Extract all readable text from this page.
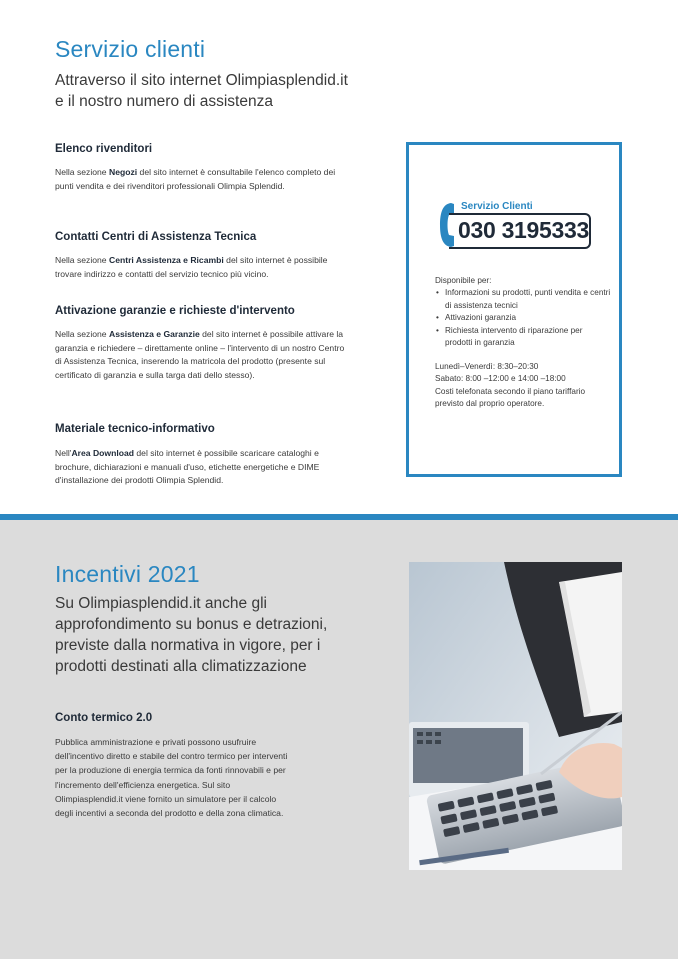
Servizio clienti
Attraverso il sito internet Olimpiasplendid.it
e il nostro numero di assistenza
Elenco rivenditori

Nella sezione Negozi del sito internet è consultabile l'elenco completo dei punti vendita e dei rivenditori professionali Olimpia Splendid.

Contatti Centri di Assistenza Tecnica

Nella sezione Centri Assistenza e Ricambi del sito internet è possibile trovare indirizzo e contatti del servizio tecnico più vicino.

Attivazione garanzie e richieste d'intervento

Nella sezione Assistenza e Garanzie del sito internet è possibile attivare la garanzia e richiedere – direttamente online – l'intervento di un nostro Centro di Assistenza Tecnica, inserendo la matricola del prodotto (presente sul certificato di garanzia e sulla targa dati dello stesso).

Materiale tecnico-informativo

Nell'Area Download del sito internet è possibile scaricare cataloghi e brochure, dichiarazioni e manuali d'uso, etichette energetiche e DIME d'installazione dei prodotti Olimpia Splendid.

Servizio Clienti
030 3195333
Disponibile per:
• Informazioni su prodotti, punti vendita e centri di assistenza tecnici
• Attivazioni garanzia
• Richiesta intervento di riparazione per prodotti in garanzia
Lunedì–Venerdì: 8:30–20:30
Sabato: 8:00 –12:00 e 14:00 –18:00
Costi telefonata secondo il piano tariffario previsto dal proprio operatore.
Incentivi 2021
Su Olimpiasplendid.it anche gli
approfondimento su bonus e detrazioni,
previste dalla normativa in vigore, per i
prodotti destinati alla climatizzazione
Conto termico 2.0

Pubblica amministrazione e privati possono usufruire dell'incentivo diretto e stabile del contro termico per interventi per la produzione di energia termica da fonti rinnovabili e per l'incremento dell'efficienza energetica. Sul sito Olimpiasplendid.it viene fornito un simulatore per il calcolo degli incentivi a seconda del prodotto e della zona climatica.
